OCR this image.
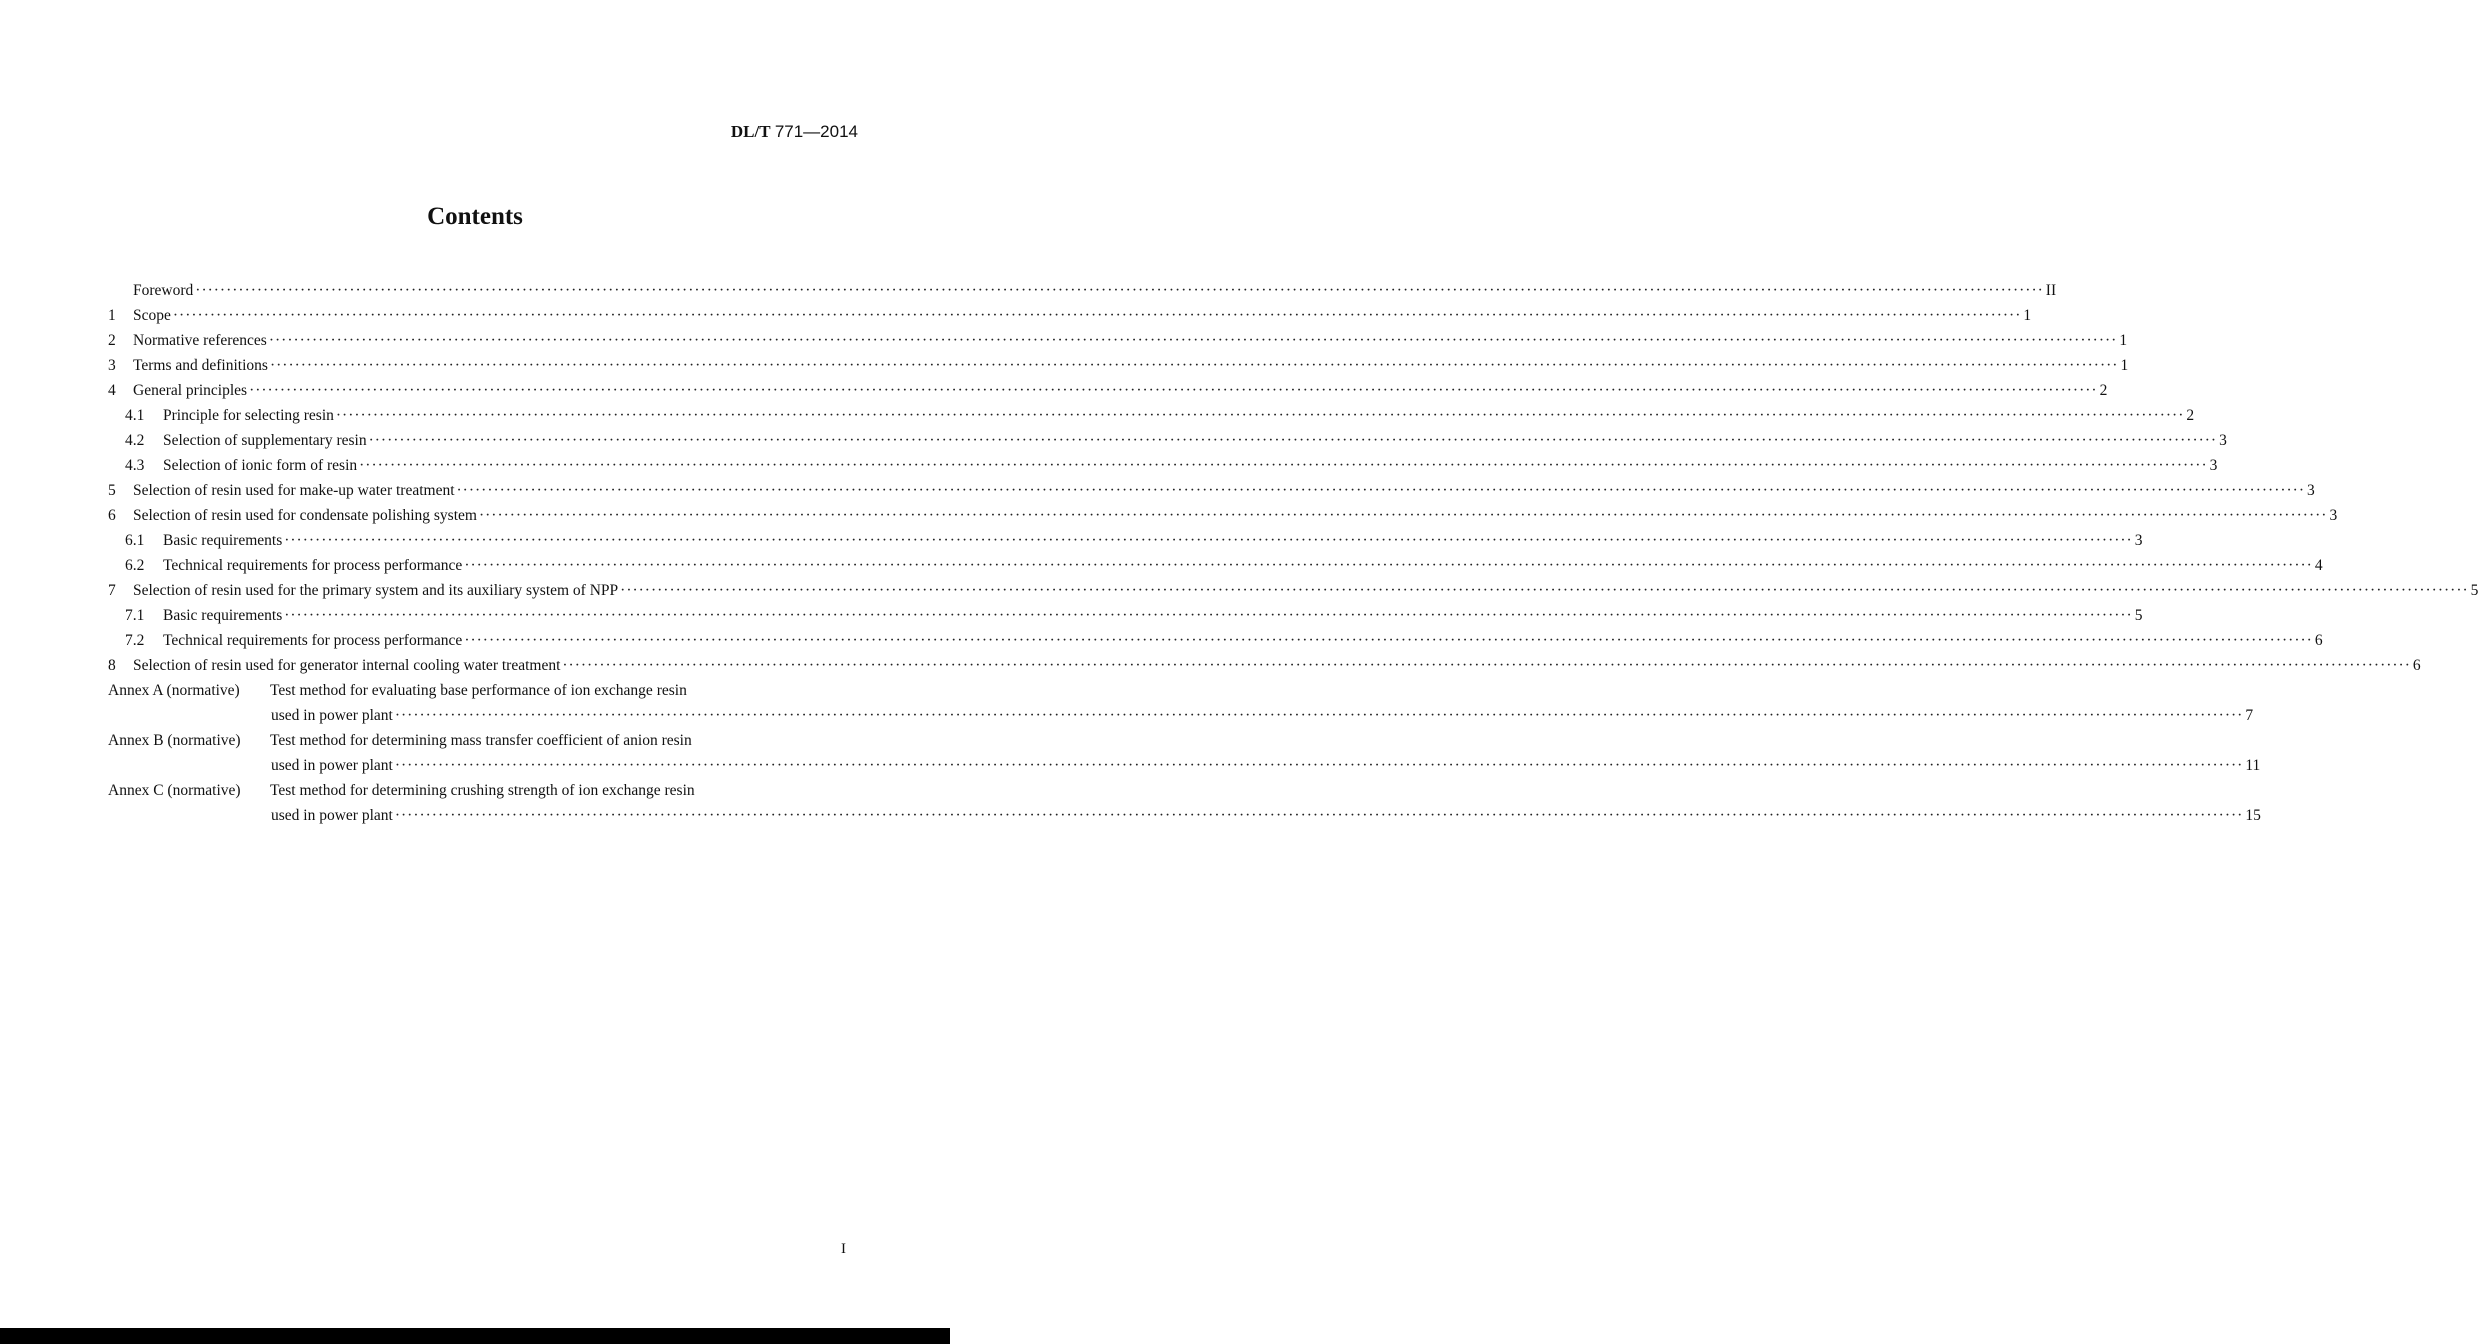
DL/T 771—2014
Contents
Foreword ············································································································································································································································································································ II
1	Scope ············································································································································································································································································································ 1
2	Normative references ············································································································································································································································································································ 1
3	Terms and definitions ············································································································································································································································································································ 1
4	General principles ············································································································································································································································································································ 2
4.1	Principle for selecting resin ············································································································································································································································································································ 2
4.2	Selection of supplementary resin ············································································································································································································································································································ 3
4.3	Selection of ionic form of resin ············································································································································································································································································································ 3
5	Selection of resin used for make-up water treatment ············································································································································································································································································································ 3
6	Selection of resin used for condensate polishing system ············································································································································································································································································································ 3
6.1	Basic requirements ············································································································································································································································································································ 3
6.2	Technical requirements for process performance ············································································································································································································································································································ 4
7	Selection of resin used for the primary system and its auxiliary system of NPP ············································································································································································································································································································ 5
7.1	Basic requirements ············································································································································································································································································································ 5
7.2	Technical requirements for process performance ············································································································································································································································································································ 6
8	Selection of resin used for generator internal cooling water treatment ············································································································································································································································································································ 6
Annex A (normative)	Test method for evaluating base performance of ion exchange resin
used in power plant ············································································································································································································································································································ 7
Annex B (normative)	Test method for determining mass transfer coefficient of anion resin
used in power plant ············································································································································································································································································································ 11
Annex C (normative)	Test method for determining crushing strength of ion exchange resin
used in power plant ············································································································································································································································································································ 15
I
